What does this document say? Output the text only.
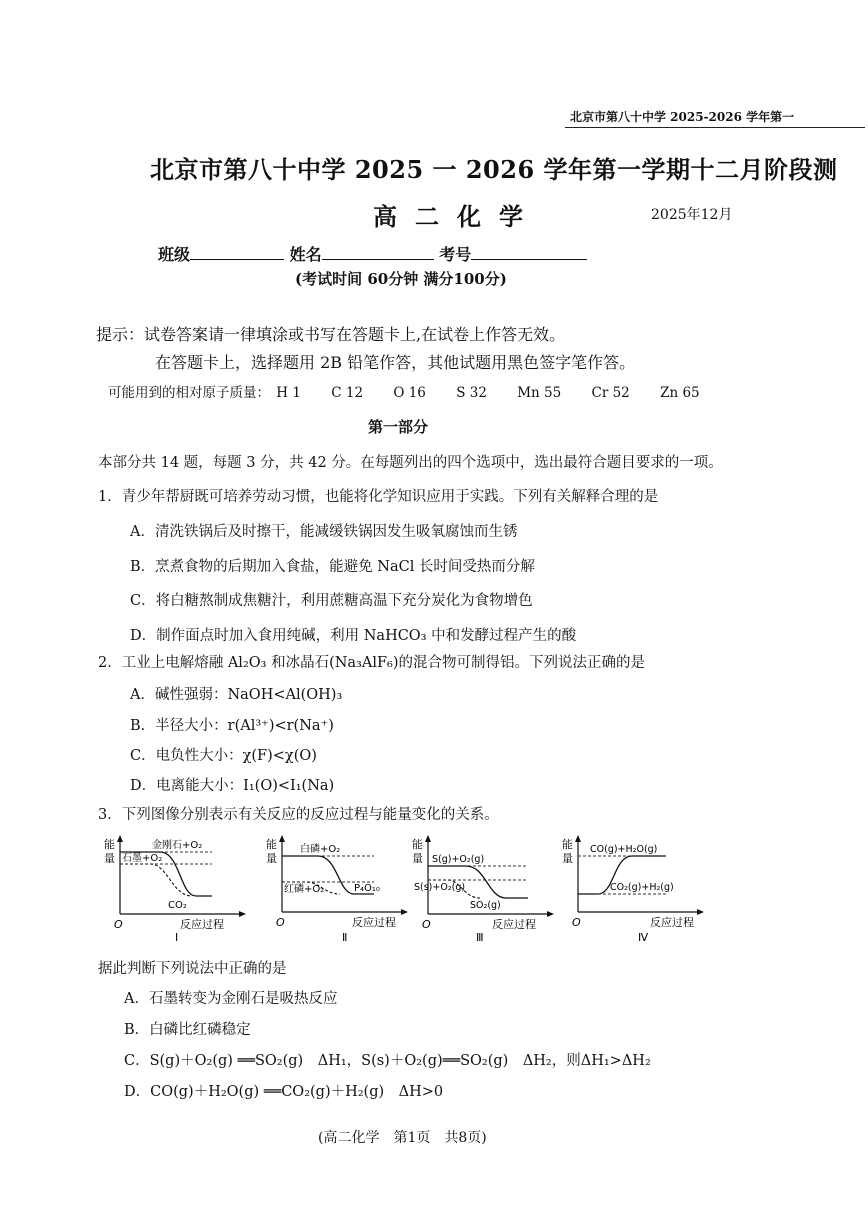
北京市第八十中学 2025-2026 学年第一
北京市第八十中学 2025 一 2026 学年第一学期十二月阶段测
高二化学	2025年12月
班级	姓名	考号
(考试时间 60分钟 满分100分)
提示：试卷答案请一律填涂或书写在答题卡上,在试卷上作答无效。
在答题卡上，选择题用 2B 铅笔作答，其他试题用黑色签字笔作答。
可能用到的相对原子质量： H 1 C 12 O 16 S 32 Mn 55 Cr 52 Zn 65
第一部分
本部分共 14 题，每题 3 分，共 42 分。在每题列出的四个选项中，选出最符合题目要求的一项。
1．青少年帮厨既可培养劳动习惯，也能将化学知识应用于实践。下列有关解释合理的是
A．清洗铁锅后及时擦干，能减缓铁锅因发生吸氧腐蚀而生锈
B．烹煮食物的后期加入食盐，能避免 NaCl 长时间受热而分解
C．将白糖熬制成焦糖汁，利用蔗糖高温下充分炭化为食物增色
D．制作面点时加入食用纯碱，利用 NaHCO₃ 中和发酵过程产生的酸
2．工业上电解熔融 Al₂O₃ 和冰晶石(Na₃AlF₆)的混合物可制得铝。下列说法正确的是
A．碱性强弱：NaOH<Al(OH)₃
B．半径大小：r(Al³⁺)<r(Na⁺)
C．电负性大小：χ(F)<χ(O)
D．电离能大小：I₁(O)<I₁(Na)
3．下列图像分别表示有关反应的反应过程与能量变化的关系。
能
量
金刚石+O₂
石墨+O₂
CO₂
O	反应过程
Ⅰ
能
量
白磷+O₂
红磷+O₂	P₄O₁₀
O	反应过程
Ⅱ
能
量 S(g)+O₂(g)
S(s)+O₂(g)
SO₂(g)
O	反应过程
Ⅲ
能
量
CO(g)+H₂O(g)
CO₂(g)+H₂(g)
O	反应过程
Ⅳ
据此判断下列说法中正确的是
A．石墨转变为金刚石是吸热反应
B．白磷比红磷稳定
C．S(g)＋O₂(g) ══SO₂(g)　ΔH₁，S(s)＋O₂(g)══SO₂(g)　ΔH₂，则ΔH₁>ΔH₂
D．CO(g)＋H₂O(g) ══CO₂(g)＋H₂(g)　ΔH>0
(高二化学　第1页　共8页)
